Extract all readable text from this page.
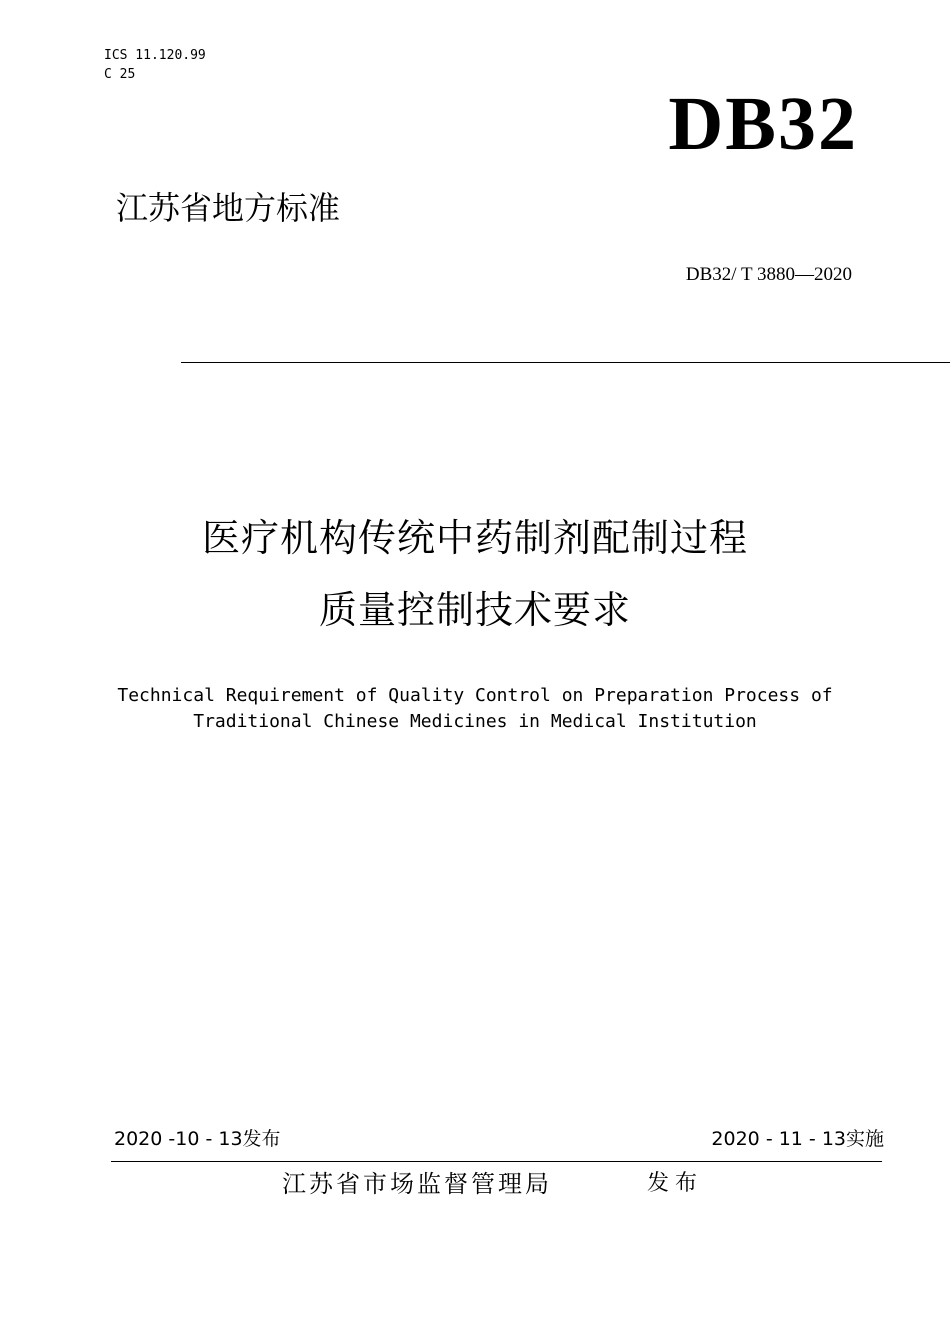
ICS 11.120.99
C 25
DB32
江苏省地方标准
DB32/ T 3880—2020
医疗机构传统中药制剂配制过程
质量控制技术要求
Technical Requirement of Quality Control on Preparation Process of
Traditional Chinese Medicines in Medical Institution
2020 -10 - 13发布	2020 - 11 - 13实施
江苏省市场监督管理局	发布
